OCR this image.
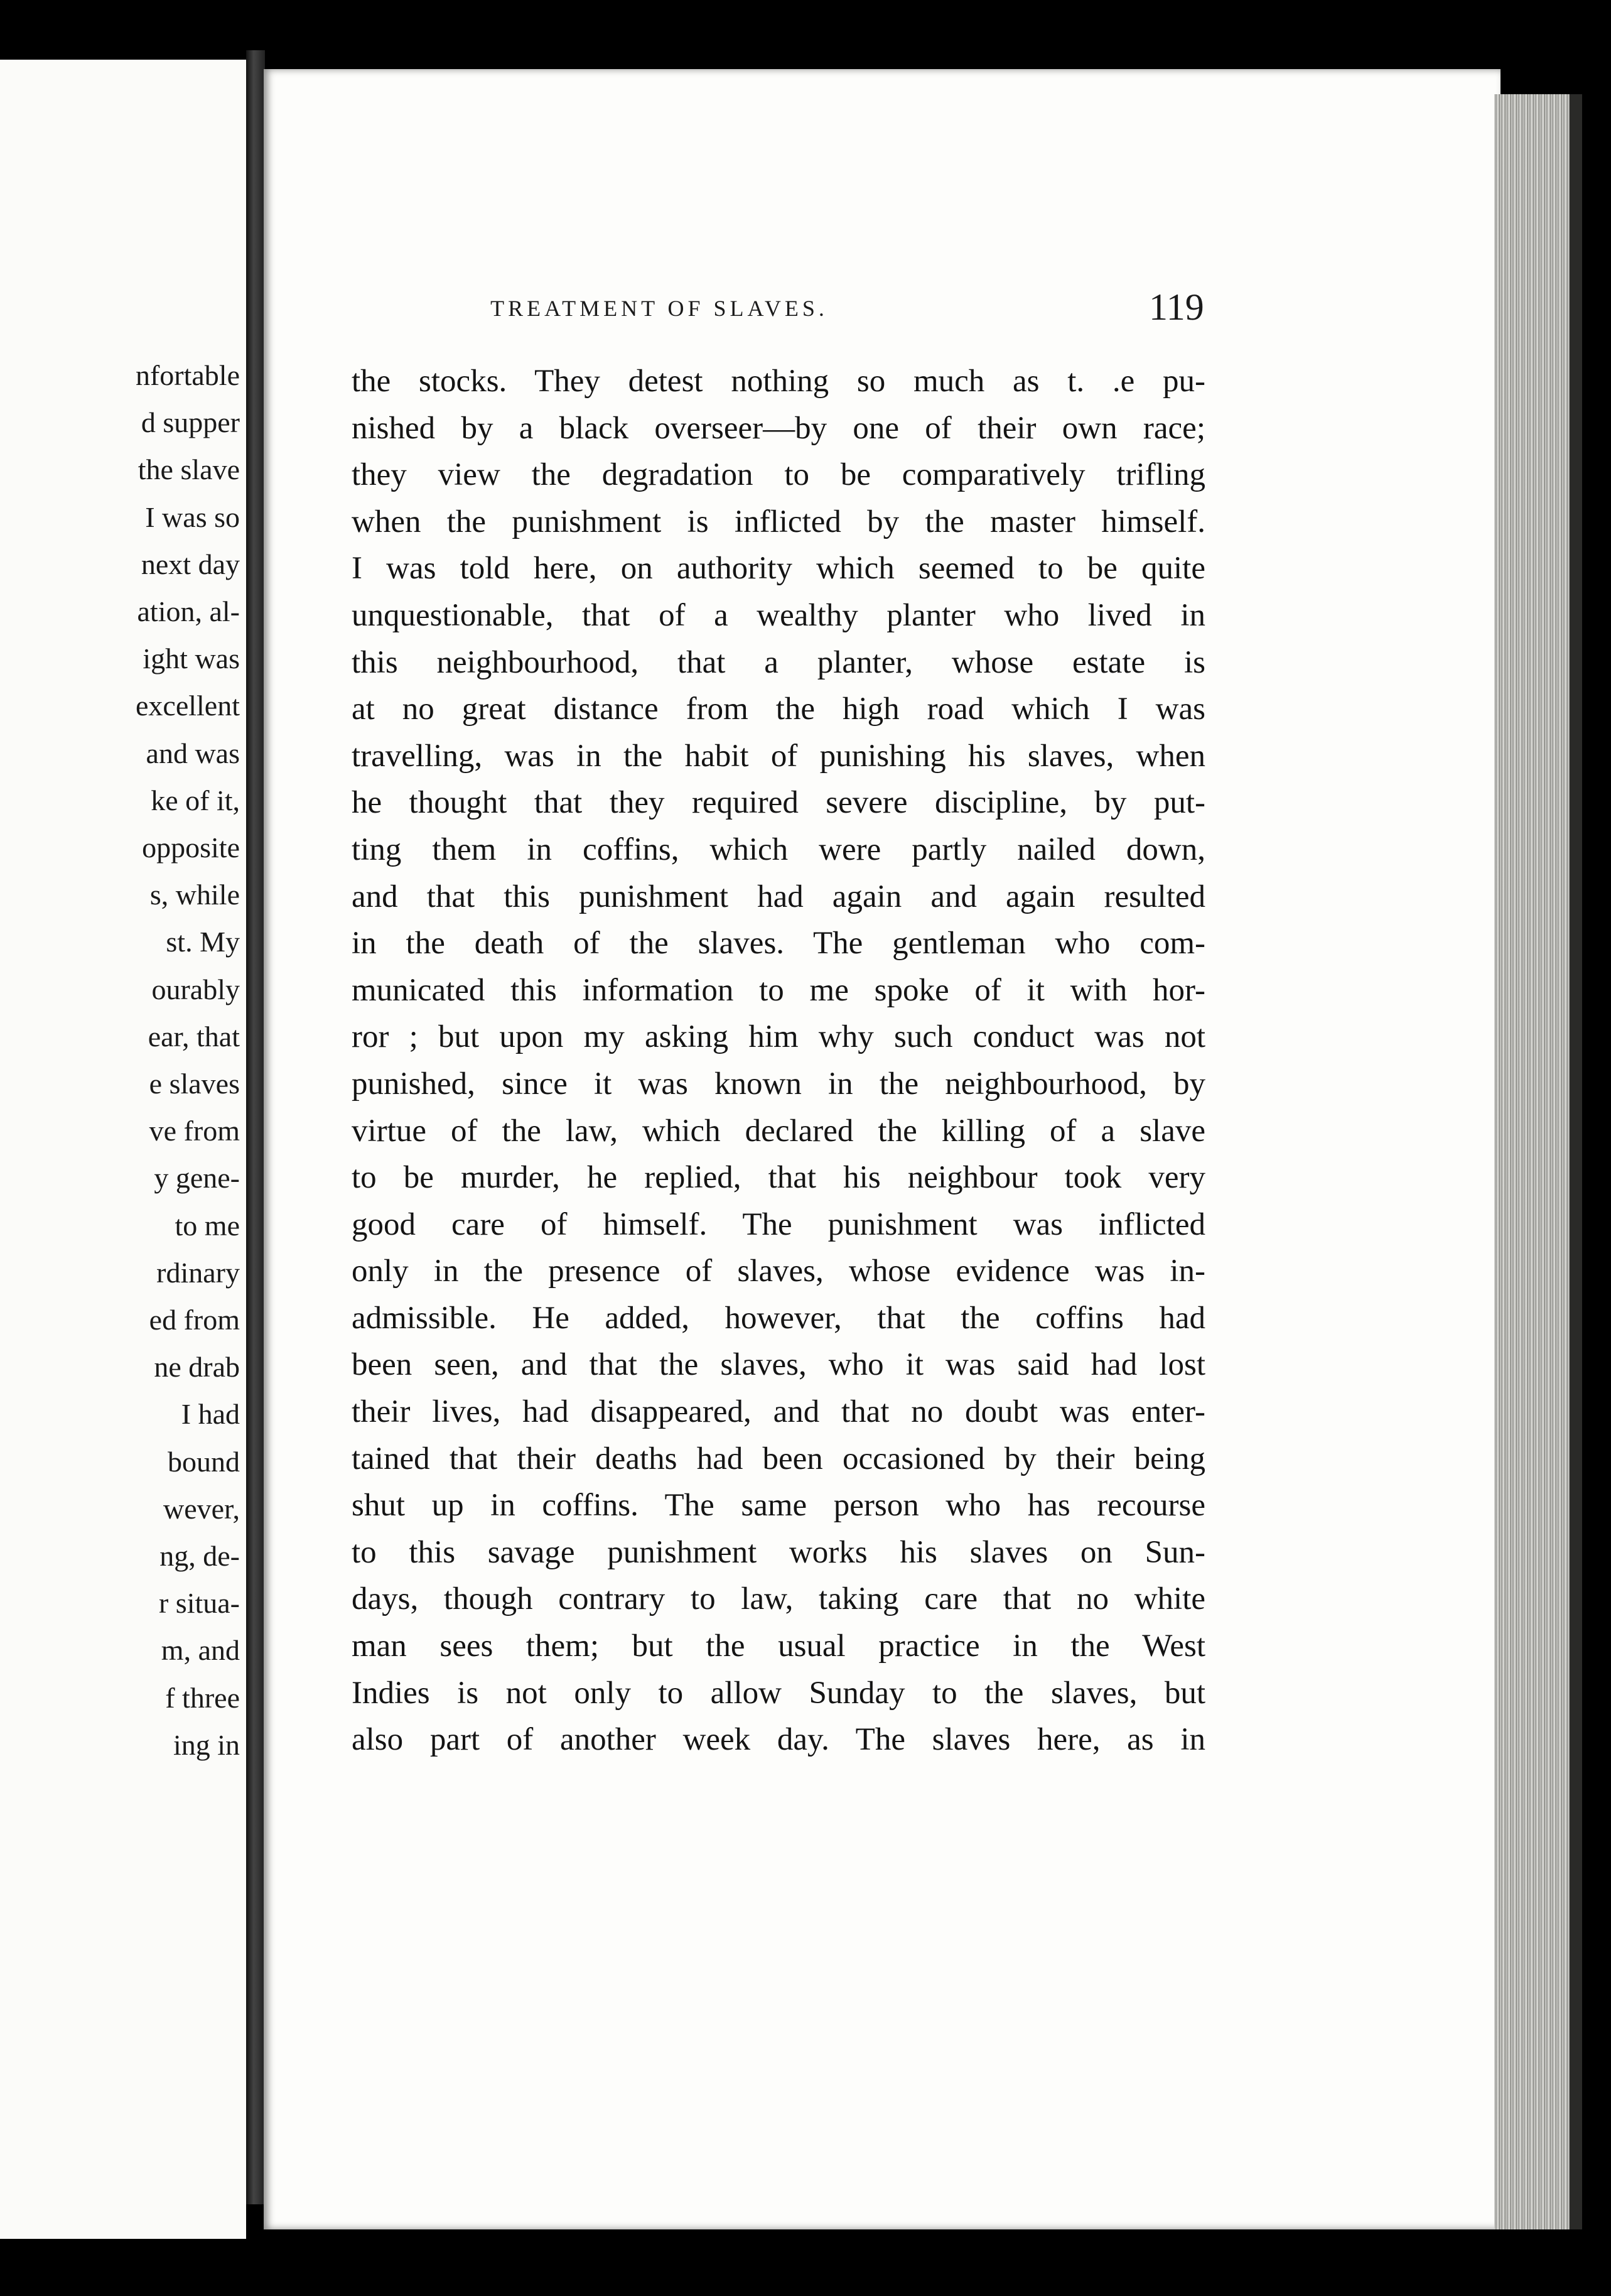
nfortable
d supper
the slave
I was so
next day
ation, al-
ight was
excellent
and was
ke of it,
opposite
s, while
st. My
ourably
ear, that
e slaves
ve from
y gene-
to me
rdinary
ed from
ne drab
I had
bound
wever,
ng, de-
r situa-
m, and
f three
ing in
TREATMENT OF SLAVES.	119
the stocks. They detest nothing so much as t. .e pu-
nished by a black overseer—by one of their own race;
they view the degradation to be comparatively trifling
when the punishment is inflicted by the master himself.
I was told here, on authority which seemed to be quite
unquestionable, that of a wealthy planter who lived in
this neighbourhood, that a planter, whose estate is
at no great distance from the high road which I was
travelling, was in the habit of punishing his slaves, when
he thought that they required severe discipline, by put-
ting them in coffins, which were partly nailed down,
and that this punishment had again and again resulted
in the death of the slaves. The gentleman who com-
municated this information to me spoke of it with hor-
ror ; but upon my asking him why such conduct was not
punished, since it was known in the neighbourhood, by
virtue of the law, which declared the killing of a slave
to be murder, he replied, that his neighbour took very
good care of himself. The punishment was inflicted
only in the presence of slaves, whose evidence was in-
admissible. He added, however, that the coffins had
been seen, and that the slaves, who it was said had lost
their lives, had disappeared, and that no doubt was enter-
tained that their deaths had been occasioned by their being
shut up in coffins. The same person who has recourse
to this savage punishment works his slaves on Sun-
days, though contrary to law, taking care that no white
man sees them; but the usual practice in the West
Indies is not only to allow Sunday to the slaves, but
also part of another week day. The slaves here, as in
